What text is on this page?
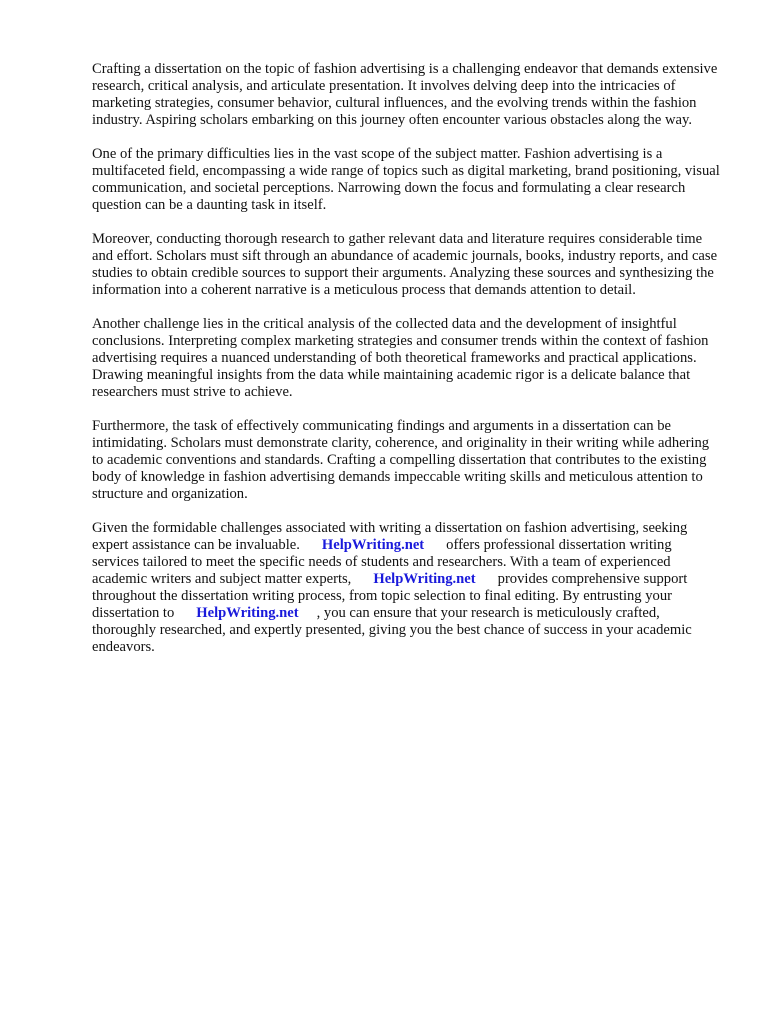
Crafting a dissertation on the topic of fashion advertising is a challenging endeavor that demands extensive research, critical analysis, and articulate presentation. It involves delving deep into the intricacies of marketing strategies, consumer behavior, cultural influences, and the evolving trends within the fashion industry. Aspiring scholars embarking on this journey often encounter various obstacles along the way.

One of the primary difficulties lies in the vast scope of the subject matter. Fashion advertising is a multifaceted field, encompassing a wide range of topics such as digital marketing, brand positioning, visual communication, and societal perceptions. Narrowing down the focus and formulating a clear research question can be a daunting task in itself.

Moreover, conducting thorough research to gather relevant data and literature requires considerable time and effort. Scholars must sift through an abundance of academic journals, books, industry reports, and case studies to obtain credible sources to support their arguments. Analyzing these sources and synthesizing the information into a coherent narrative is a meticulous process that demands attention to detail.

Another challenge lies in the critical analysis of the collected data and the development of insightful conclusions. Interpreting complex marketing strategies and consumer trends within the context of fashion advertising requires a nuanced understanding of both theoretical frameworks and practical applications. Drawing meaningful insights from the data while maintaining academic rigor is a delicate balance that researchers must strive to achieve.

Furthermore, the task of effectively communicating findings and arguments in a dissertation can be intimidating. Scholars must demonstrate clarity, coherence, and originality in their writing while adhering to academic conventions and standards. Crafting a compelling dissertation that contributes to the existing body of knowledge in fashion advertising demands impeccable writing skills and meticulous attention to structure and organization.

Given the formidable challenges associated with writing a dissertation on fashion advertising, seeking expert assistance can be invaluable. HelpWriting.net offers professional dissertation writing services tailored to meet the specific needs of students and researchers. With a team of experienced academic writers and subject matter experts, HelpWriting.net provides comprehensive support throughout the dissertation writing process, from topic selection to final editing. By entrusting your dissertation to HelpWriting.net , you can ensure that your research is meticulously crafted, thoroughly researched, and expertly presented, giving you the best chance of success in your academic endeavors.
